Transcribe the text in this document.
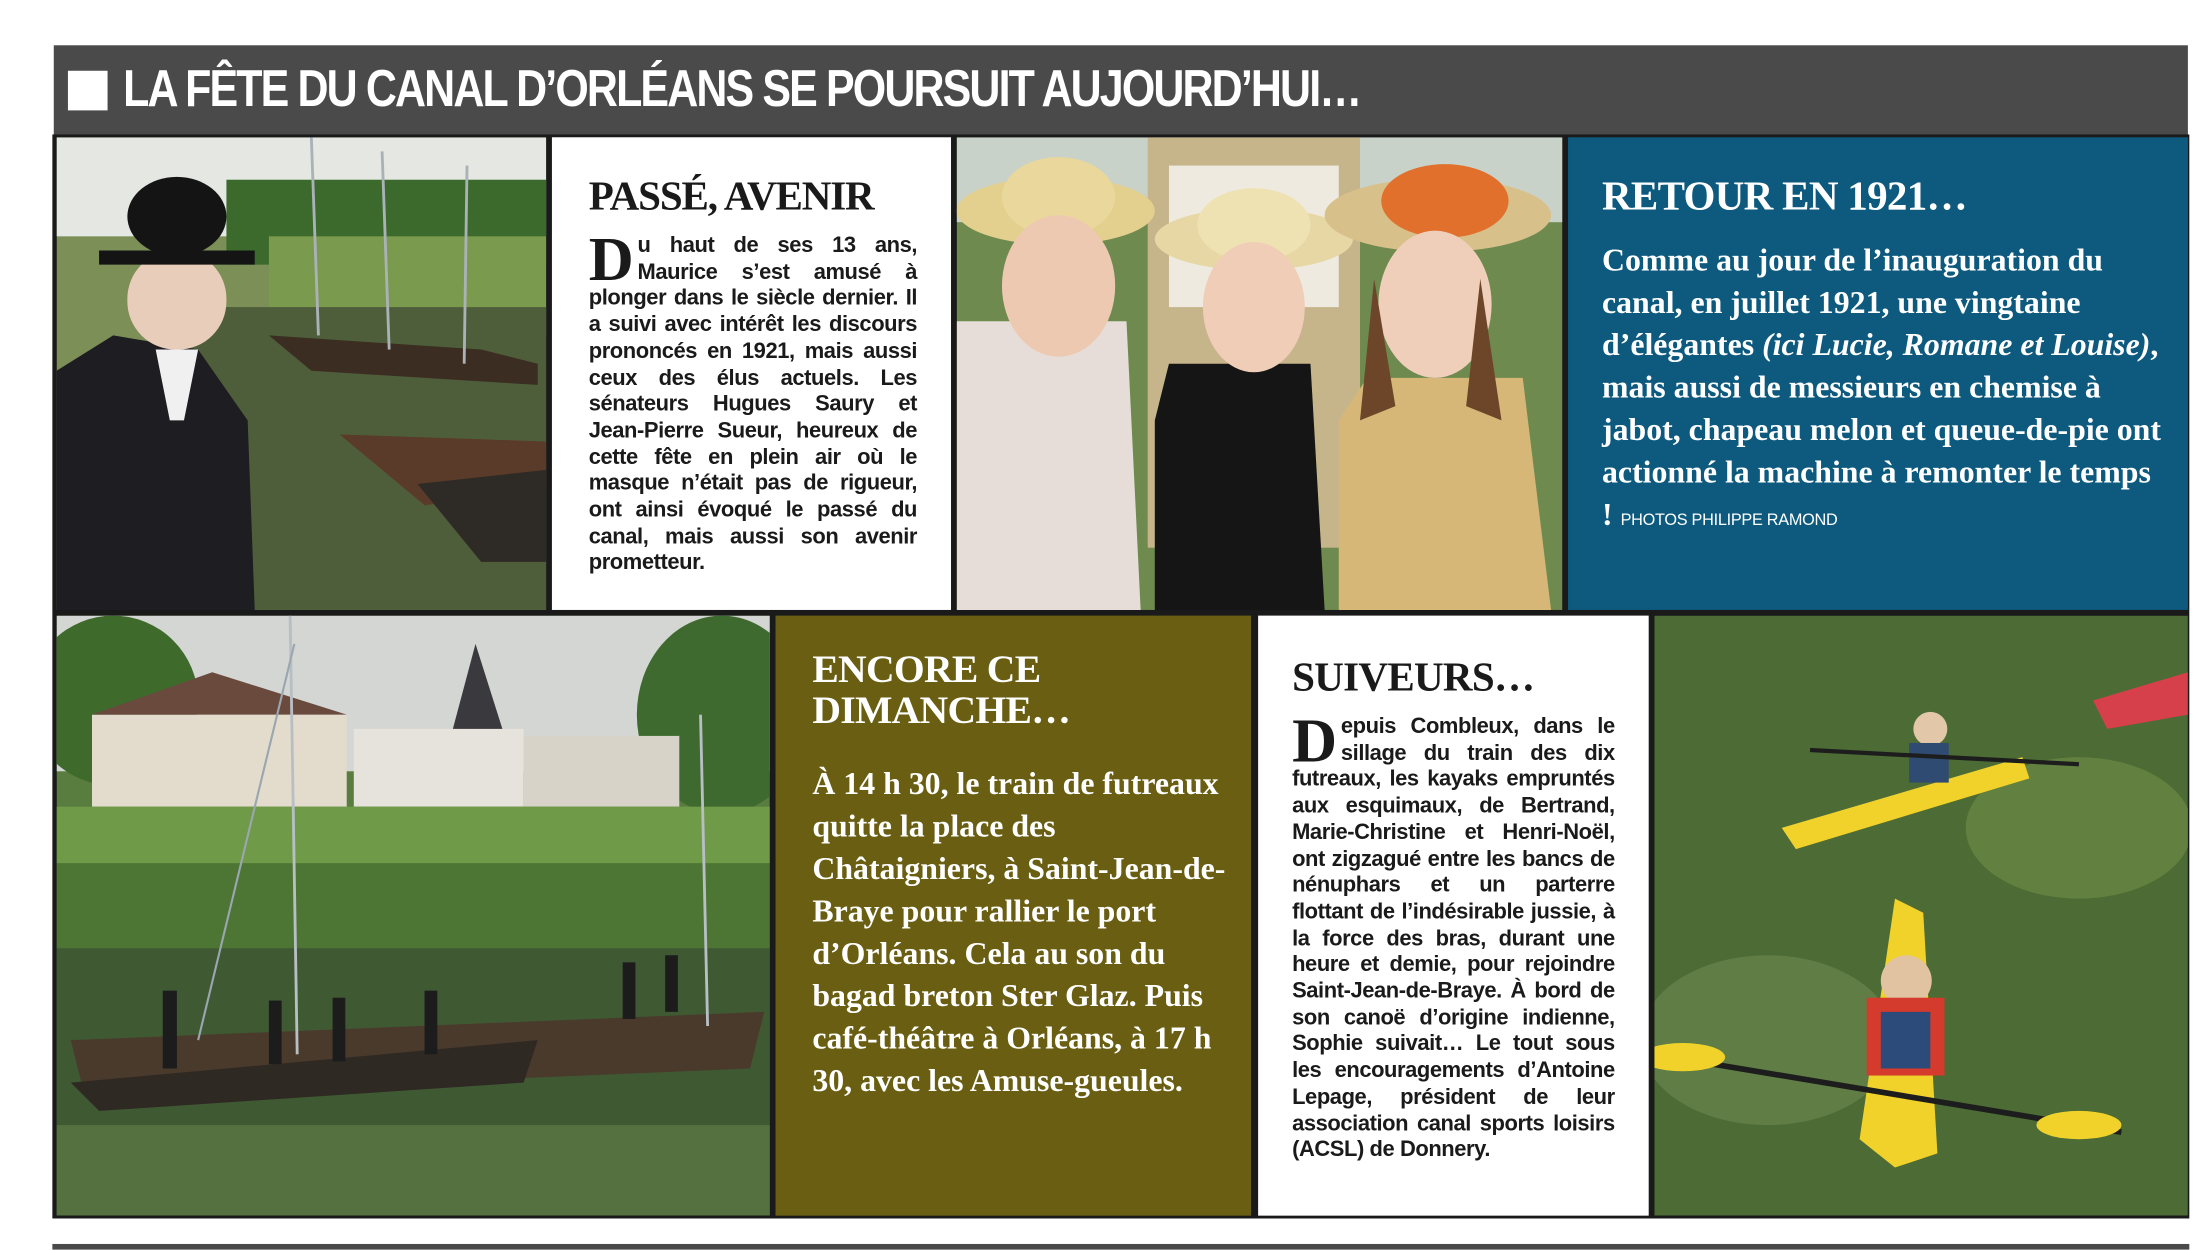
LA FÊTE DU CANAL D’ORLÉANS SE POURSUIT AUJOURD’HUI…
PASSÉ, AVENIR
Du haut de ses 13 ans, Maurice s’est amusé à plonger dans le siècle dernier. Il a suivi avec intérêt les discours prononcés en 1921, mais aussi ceux des élus actuels. Les sénateurs Hugues Saury et Jean-Pierre Sueur, heureux de cette fête en plein air où le masque n’était pas de rigueur, ont ainsi évoqué le passé du canal, mais aussi son avenir prometteur.
RETOUR EN 1921…
Comme au jour de l’inauguration du canal, en juillet 1921, une vingtaine d’élégantes (ici Lucie, Romane et Louise), mais aussi de messieurs en chemise à jabot, chapeau melon et queue-de-pie ont actionné la machine à remonter le temps ! PHOTOS PHILIPPE RAMOND
ENCORE CE DIMANCHE…
À 14 h 30, le train de futreaux quitte la place des Châtaigniers, à Saint-Jean-de-Braye pour rallier le port d’Orléans. Cela au son du bagad breton Ster Glaz. Puis café-théâtre à Orléans, à 17 h 30, avec les Amuse-gueules.
SUIVEURS…
Depuis Combleux, dans le sillage du train des dix futreaux, les kayaks empruntés aux esquimaux, de Bertrand, Marie-Christine et Henri-Noël, ont zigzagué entre les bancs de nénuphars et un parterre flottant de l’indésirable jussie, à la force des bras, durant une heure et demie, pour rejoindre Saint-Jean-de-Braye. À bord de son canoë d’origine indienne, Sophie suivait… Le tout sous les encouragements d’Antoine Lepage, président de leur association canal sports loisirs (ACSL) de Donnery.
